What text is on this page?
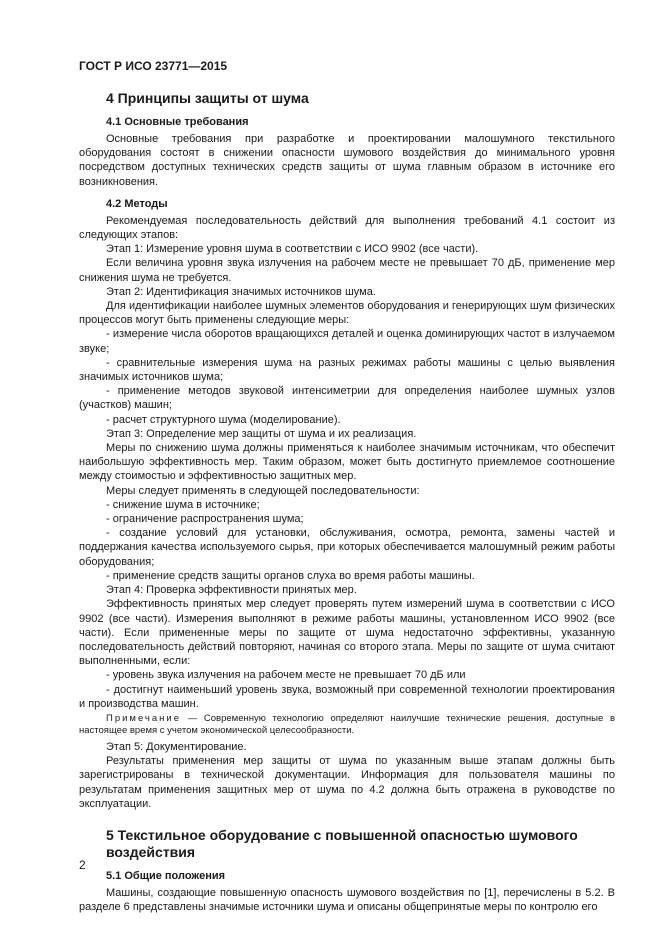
ГОСТ Р ИСО 23771—2015
4 Принципы защиты от шума
4.1 Основные требования

Основные требования при разработке и проектировании малошумного текстильного оборудования состоят в снижении опасности шумового воздействия до минимального уровня посредством доступных технических средств защиты от шума главным образом в источнике его возникновения.

4.2 Методы

Рекомендуемая последовательность действий для выполнения требований 4.1 состоит из следующих этапов:

Этап 1: Измерение уровня шума в соответствии с ИСО 9902 (все части).

Если величина уровня звука излучения на рабочем месте не превышает 70 дБ, применение мер снижения шума не требуется.

Этап 2: Идентификация значимых источников шума.

Для идентификации наиболее шумных элементов оборудования и генерирующих шум физических процессов могут быть применены следующие меры:

- измерение числа оборотов вращающихся деталей и оценка доминирующих частот в излучаемом звуке;

- сравнительные измерения шума на разных режимах работы машины с целью выявления значимых источников шума;

- применение методов звуковой интенсиметрии для определения наиболее шумных узлов (участков) машин;

- расчет структурного шума (моделирование).

Этап 3: Определение мер защиты от шума и их реализация.

Меры по снижению шума должны применяться к наиболее значимым источникам, что обеспечит наибольшую эффективность мер. Таким образом, может быть достигнуто приемлемое соотношение между стоимостью и эффективностью защитных мер.

Меры следует применять в следующей последовательности:

- снижение шума в источнике;

- ограничение распространения шума;

- создание условий для установки, обслуживания, осмотра, ремонта, замены частей и поддержания качества используемого сырья, при которых обеспечивается малошумный режим работы оборудования;

- применение средств защиты органов слуха во время работы машины.

Этап 4: Проверка эффективности принятых мер.

Эффективность принятых мер следует проверять путем измерений шума в соответствии с ИСО 9902 (все части). Измерения выполняют в режиме работы машины, установленном ИСО 9902 (все части). Если примененные меры по защите от шума недостаточно эффективны, указанную последовательность действий повторяют, начиная со второго этапа. Меры по защите от шума считают выполненными, если:

- уровень звука излучения на рабочем месте не превышает 70 дБ или

- достигнут наименьший уровень звука, возможный при современной технологии проектирования и производства машин.

Примечание — Современную технологию определяют наилучшие технические решения, доступные в настоящее время с учетом экономической целесообразности.

Этап 5: Документирование.

Результаты применения мер защиты от шума по указанным выше этапам должны быть зарегистрированы в технической документации. Информация для пользователя машины по результатам применения защитных мер от шума по 4.2 должна быть отражена в руководстве по эксплуатации.

5 Текстильное оборудование с повышенной опасностью шумового воздействия
5.1 Общие положения

Машины, создающие повышенную опасность шумового воздействия по [1], перечислены в 5.2. В разделе 6 представлены значимые источники шума и описаны общепринятые меры по контролю его

2
